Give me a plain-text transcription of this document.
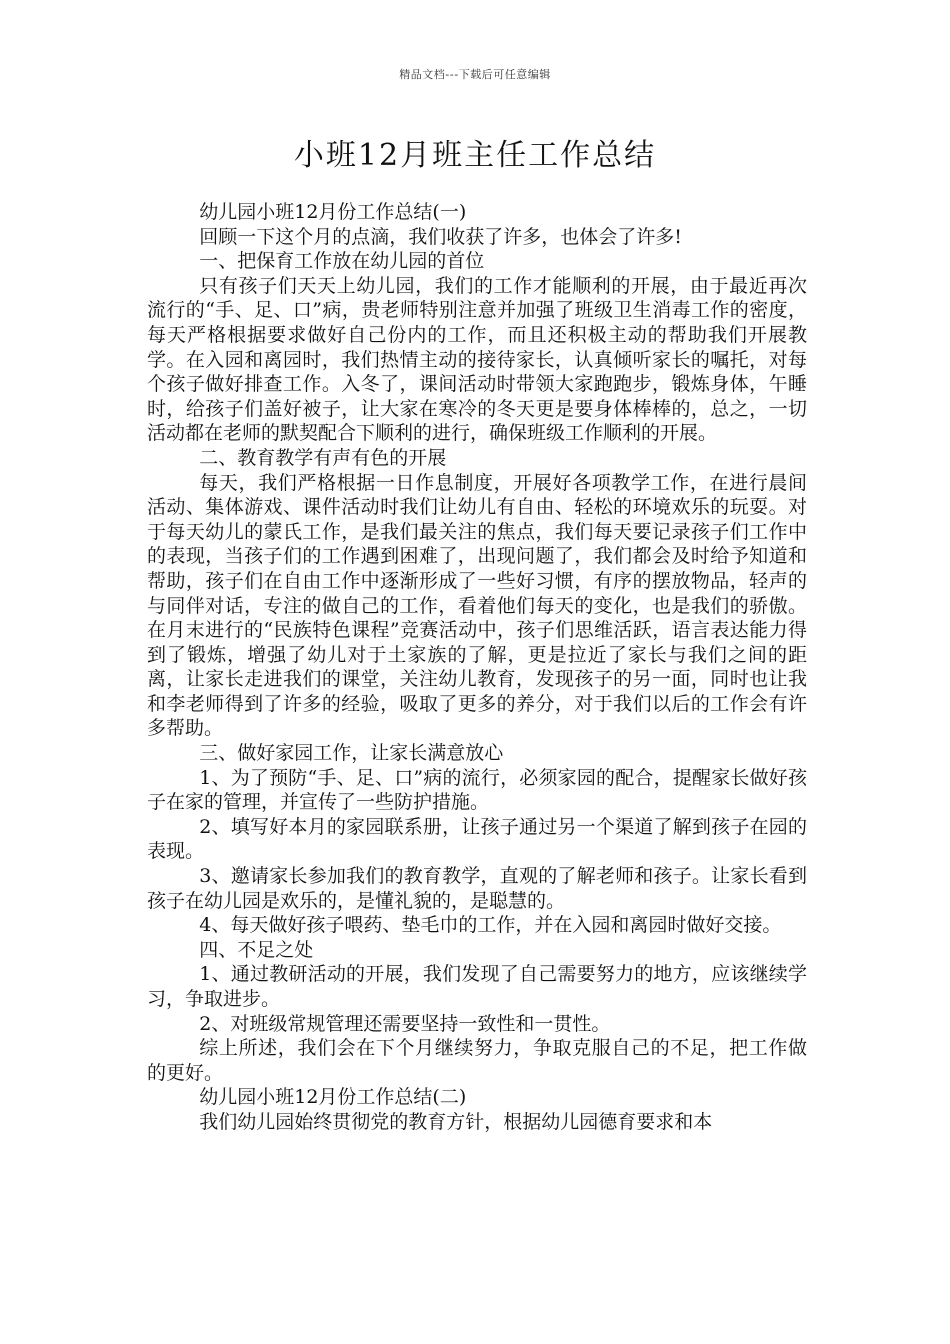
精品文档---下载后可任意编辑
小班12月班主任工作总结

幼儿园小班12月份工作总结(一)

回顾一下这个月的点滴，我们收获了许多，也体会了许多!

一、把保育工作放在幼儿园的首位

只有孩子们天天上幼儿园，我们的工作才能顺利的开展，由于最近再次流行的“手、足、口”病，贵老师特别注意并加强了班级卫生消毒工作的密度，每天严格根据要求做好自己份内的工作，而且还积极主动的帮助我们开展教学。在入园和离园时，我们热情主动的接待家长，认真倾听家长的嘱托，对每个孩子做好排查工作。入冬了，课间活动时带领大家跑跑步，锻炼身体，午睡时，给孩子们盖好被子，让大家在寒冷的冬天更是要身体棒棒的，总之，一切活动都在老师的默契配合下顺利的进行，确保班级工作顺利的开展。

二、教育教学有声有色的开展

每天，我们严格根据一日作息制度，开展好各项教学工作，在进行晨间活动、集体游戏、课件活动时我们让幼儿有自由、轻松的环境欢乐的玩耍。对于每天幼儿的蒙氏工作，是我们最关注的焦点，我们每天要记录孩子们工作中的表现，当孩子们的工作遇到困难了，出现问题了，我们都会及时给予知道和帮助，孩子们在自由工作中逐渐形成了一些好习惯，有序的摆放物品，轻声的与同伴对话，专注的做自己的工作，看着他们每天的变化，也是我们的骄傲。在月末进行的“民族特色课程”竞赛活动中，孩子们思维活跃，语言表达能力得到了锻炼，增强了幼儿对于土家族的了解，更是拉近了家长与我们之间的距离，让家长走进我们的课堂，关注幼儿教育，发现孩子的另一面，同时也让我和李老师得到了许多的经验，吸取了更多的养分，对于我们以后的工作会有许多帮助。

三、做好家园工作，让家长满意放心

1、为了预防“手、足、口”病的流行，必须家园的配合，提醒家长做好孩子在家的管理，并宣传了一些防护措施。

2、填写好本月的家园联系册，让孩子通过另一个渠道了解到孩子在园的表现。

3、邀请家长参加我们的教育教学，直观的了解老师和孩子。让家长看到孩子在幼儿园是欢乐的，是懂礼貌的，是聪慧的。

4、每天做好孩子喂药、垫毛巾的工作，并在入园和离园时做好交接。

四、不足之处

1、通过教研活动的开展，我们发现了自己需要努力的地方，应该继续学习，争取进步。

2、对班级常规管理还需要坚持一致性和一贯性。

综上所述，我们会在下个月继续努力，争取克服自己的不足，把工作做的更好。

幼儿园小班12月份工作总结(二)

我们幼儿园始终贯彻党的教育方针，根据幼儿园德育要求和本
